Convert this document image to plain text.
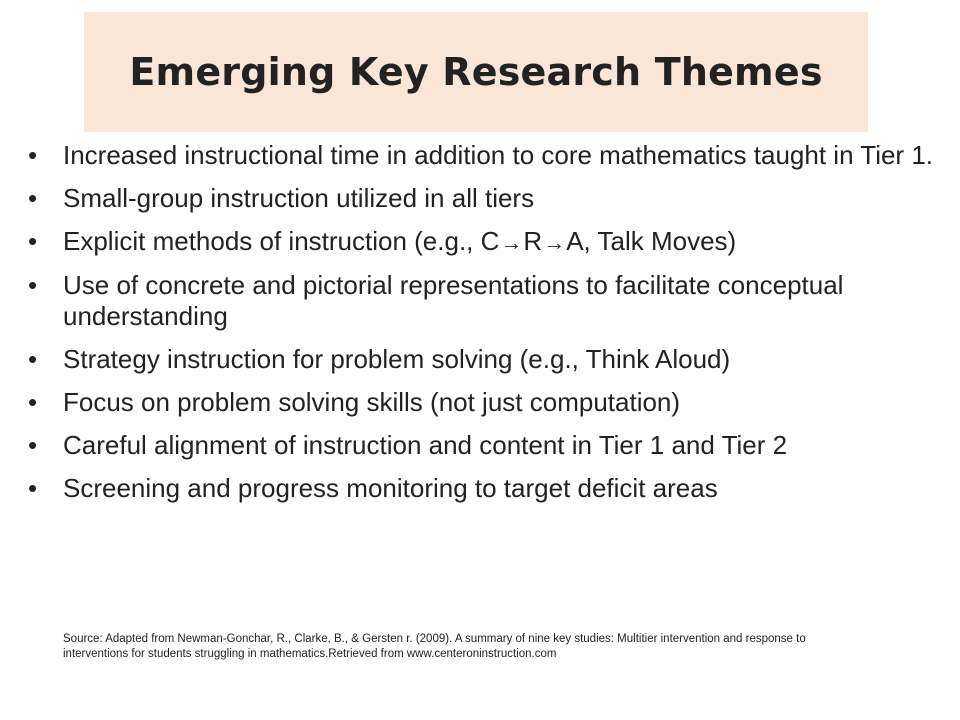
Emerging Key Research Themes
• Increased instructional time in addition to core mathematics taught in Tier 1.
• Small-group instruction utilized in all tiers
• Explicit methods of instruction (e.g., C→R→A, Talk Moves)
• Use of concrete and pictorial representations to facilitate conceptual understanding
• Strategy instruction for problem solving (e.g., Think Aloud)
• Focus on problem solving skills (not just computation)
• Careful alignment of instruction and content in Tier 1 and Tier 2
• Screening and progress monitoring to target deficit areas
Source: Adapted from Newman-Gonchar, R., Clarke, B., & Gersten r. (2009). A summary of nine key studies: Multitier intervention and response to interventions for students struggling in mathematics.Retrieved from www.centeroninstruction.com
